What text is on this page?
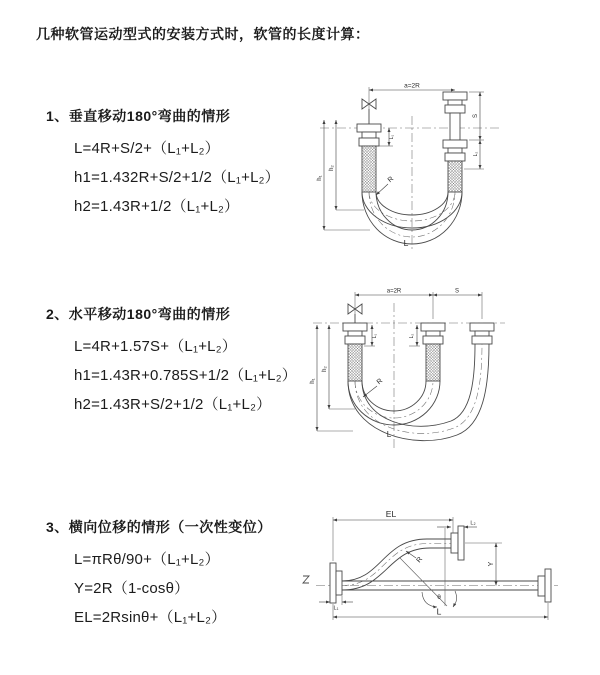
几种软管运动型式的安装方式时，软管的长度计算：
1、垂直移动180°弯曲的情形
L=4R+S/2+（L₁+L₂）
h1=1.432R+S/2+1/2（L₁+L₂）
h2=1.43R+1/2（L₁+L₂）
2、水平移动180°弯曲的情形
L=4R+1.57S+（L₁+L₂）
h1=1.43R+0.785S+1/2（L₁+L₂）
h2=1.43R+S/2+1/2（L₁+L₂）
3、横向位移的情形（一次性变位）
L=πRθ/90+（L₁+L₂）
Y=2R（1-cosθ）
EL=2Rsinθ+（L₁+L₂）
a=2R
h₁
h₂
L₁
S
L₂
R
L
a=2R	S
h₁
h₂
L₁	L₂
R
L
θ
EL
L₂
Y
R
L
L₁
